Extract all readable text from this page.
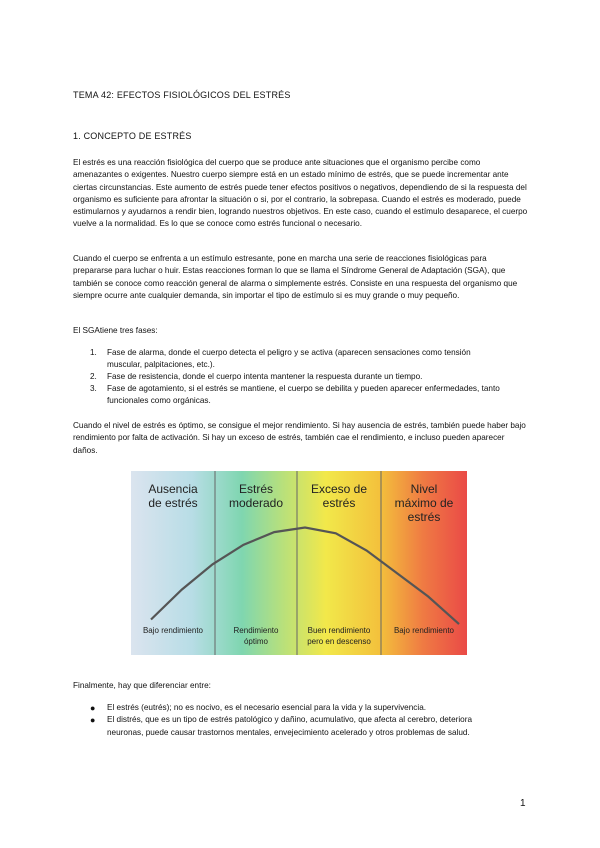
TEMA 42: EFECTOS FISIOLÓGICOS DEL ESTRÉS
1. CONCEPTO DE ESTRÉS

El estrés es una reacción fisiológica del cuerpo que se produce ante situaciones que el organismo percibe como amenazantes o exigentes. Nuestro cuerpo siempre está en un estado mínimo de estrés, que se puede incrementar ante ciertas circunstancias. Este aumento de estrés puede tener efectos positivos o negativos, dependiendo de si la respuesta del organismo es suficiente para afrontar la situación o si, por el contrario, la sobrepasa. Cuando el estrés es moderado, puede estimularnos y ayudarnos a rendir bien, logrando nuestros objetivos. En este caso, cuando el estímulo desaparece, el cuerpo vuelve a la normalidad. Es lo que se conoce como estrés funcional o necesario.

Cuando el cuerpo se enfrenta a un estímulo estresante, pone en marcha una serie de reacciones fisiológicas para prepararse para luchar o huir. Estas reacciones forman lo que se llama el Síndrome General de Adaptación (SGA), que también se conoce como reacción general de alarma o simplemente estrés. Consiste en una respuesta del organismo que siempre ocurre ante cualquier demanda, sin importar el tipo de estímulo si es muy grande o muy pequeño.

El SGAtiene tres fases:

1. Fase de alarma, donde el cuerpo detecta el peligro y se activa (aparecen sensaciones como tensión muscular, palpitaciones, etc.).
2. Fase de resistencia, donde el cuerpo intenta mantener la respuesta durante un tiempo.
3. Fase de agotamiento, si el estrés se mantiene, el cuerpo se debilita y pueden aparecer enfermedades, tanto funcionales como orgánicas.

Cuando el nivel de estrés es óptimo, se consigue el mejor rendimiento. Si hay ausencia de estrés, también puede haber bajo rendimiento por falta de activación. Si hay un exceso de estrés, también cae el rendimiento, e incluso pueden aparecer daños.

Ausencia
de estrés
Estrés
moderado
Exceso de
estrés
Nivel
máximo de
estrés
Bajo rendimiento	Rendimiento
óptimo
Buen rendimiento
pero en descenso
Bajo rendimiento

Finalmente, hay que diferenciar entre:

● El estrés (eutrés); no es nocivo, es el necesario esencial para la vida y la supervivencia.
● El distrés, que es un tipo de estrés patológico y dañino, acumulativo, que afecta al cerebro, deteriora neuronas, puede causar trastornos mentales, envejecimiento acelerado y otros problemas de salud.
1
